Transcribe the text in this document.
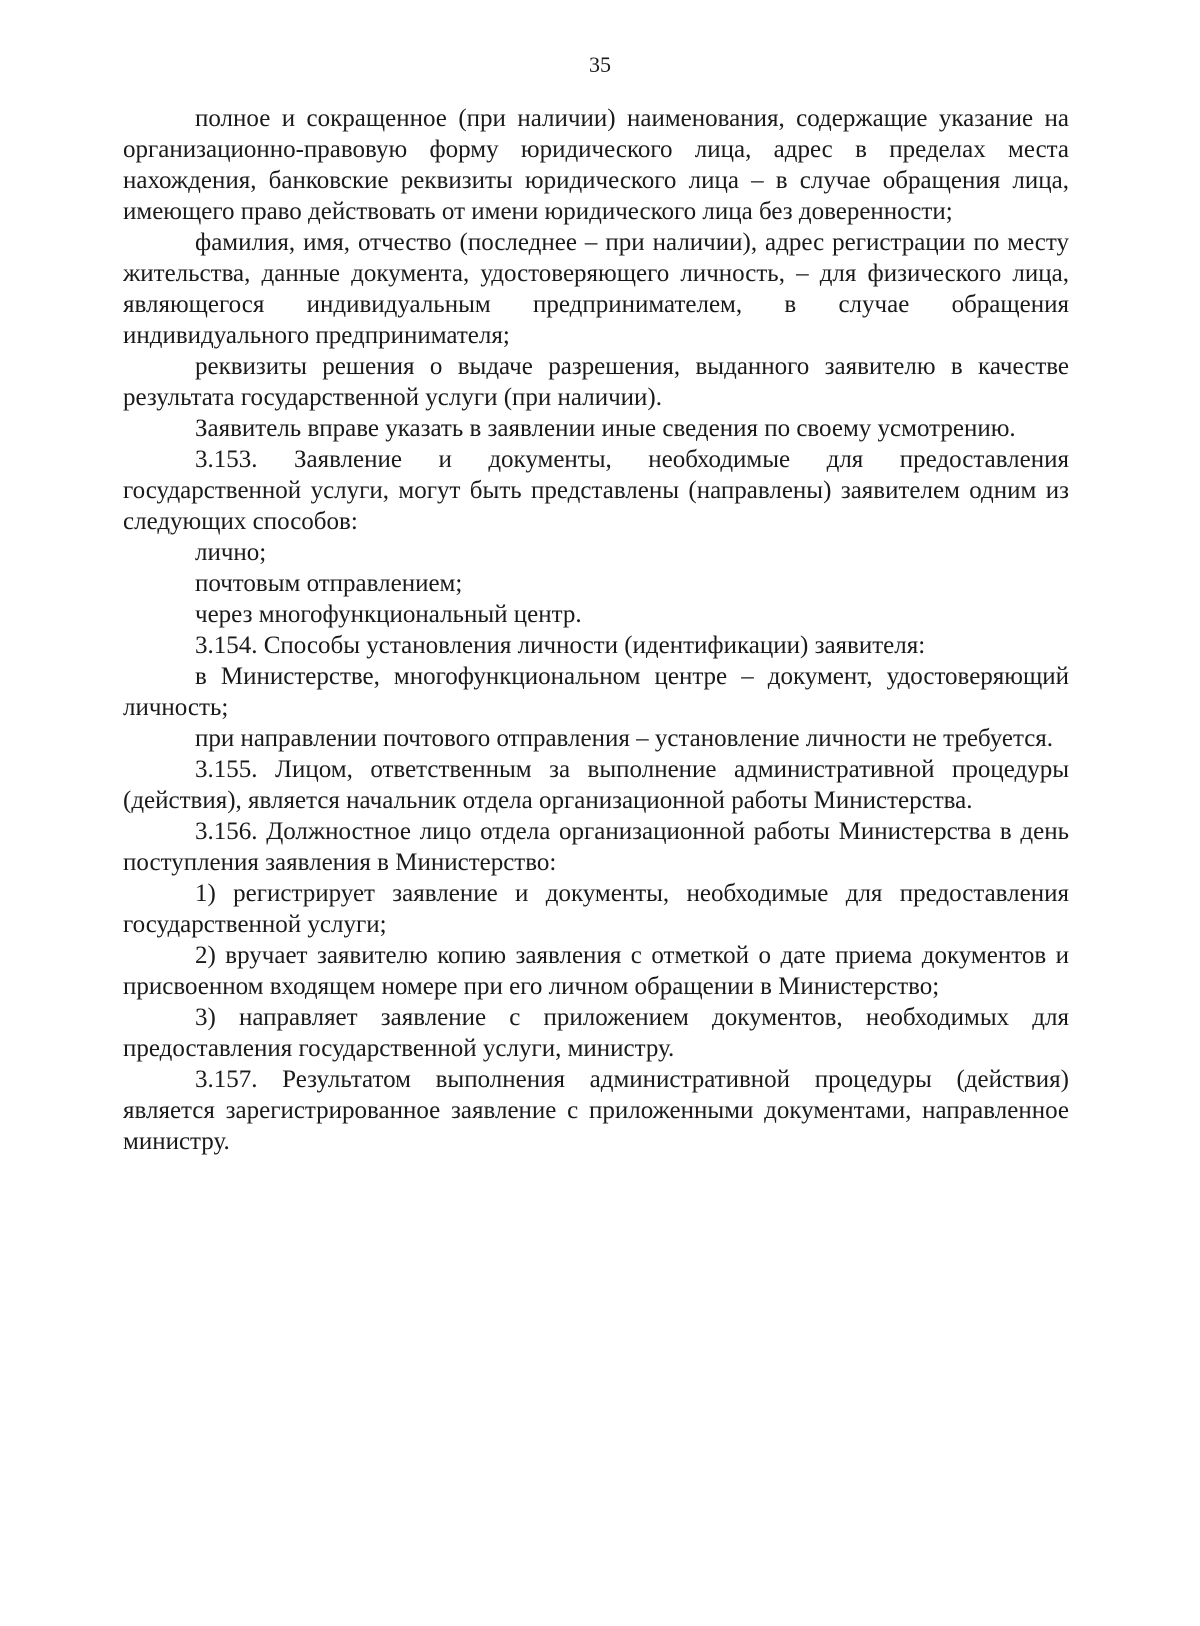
35

полное и сокращенное (при наличии) наименования, содержащие указание на организационно-правовую форму юридического лица, адрес в пределах места нахождения, банковские реквизиты юридического лица – в случае обращения лица, имеющего право действовать от имени юридического лица без доверенности;

фамилия, имя, отчество (последнее – при наличии), адрес регистрации по месту жительства, данные документа, удостоверяющего личность, – для физического лица, являющегося индивидуальным предпринимателем, в случае обращения индивидуального предпринимателя;

реквизиты решения о выдаче разрешения, выданного заявителю в качестве результата государственной услуги (при наличии).

Заявитель вправе указать в заявлении иные сведения по своему усмотрению.

3.153. Заявление и документы, необходимые для предоставления государственной услуги, могут быть представлены (направлены) заявителем одним из следующих способов:

лично;

почтовым отправлением;

через многофункциональный центр.

3.154. Способы установления личности (идентификации) заявителя:

в Министерстве, многофункциональном центре – документ, удостоверяющий личность;

при направлении почтового отправления – установление личности не требуется.

3.155. Лицом, ответственным за выполнение административной процедуры (действия), является начальник отдела организационной работы Министерства.

3.156. Должностное лицо отдела организационной работы Министерства в день поступления заявления в Министерство:

1) регистрирует заявление и документы, необходимые для предоставления государственной услуги;

2) вручает заявителю копию заявления с отметкой о дате приема документов и присвоенном входящем номере при его личном обращении в Министерство;

3) направляет заявление с приложением документов, необходимых для предоставления государственной услуги, министру.

3.157. Результатом выполнения административной процедуры (действия) является зарегистрированное заявление с приложенными документами, направленное министру.
